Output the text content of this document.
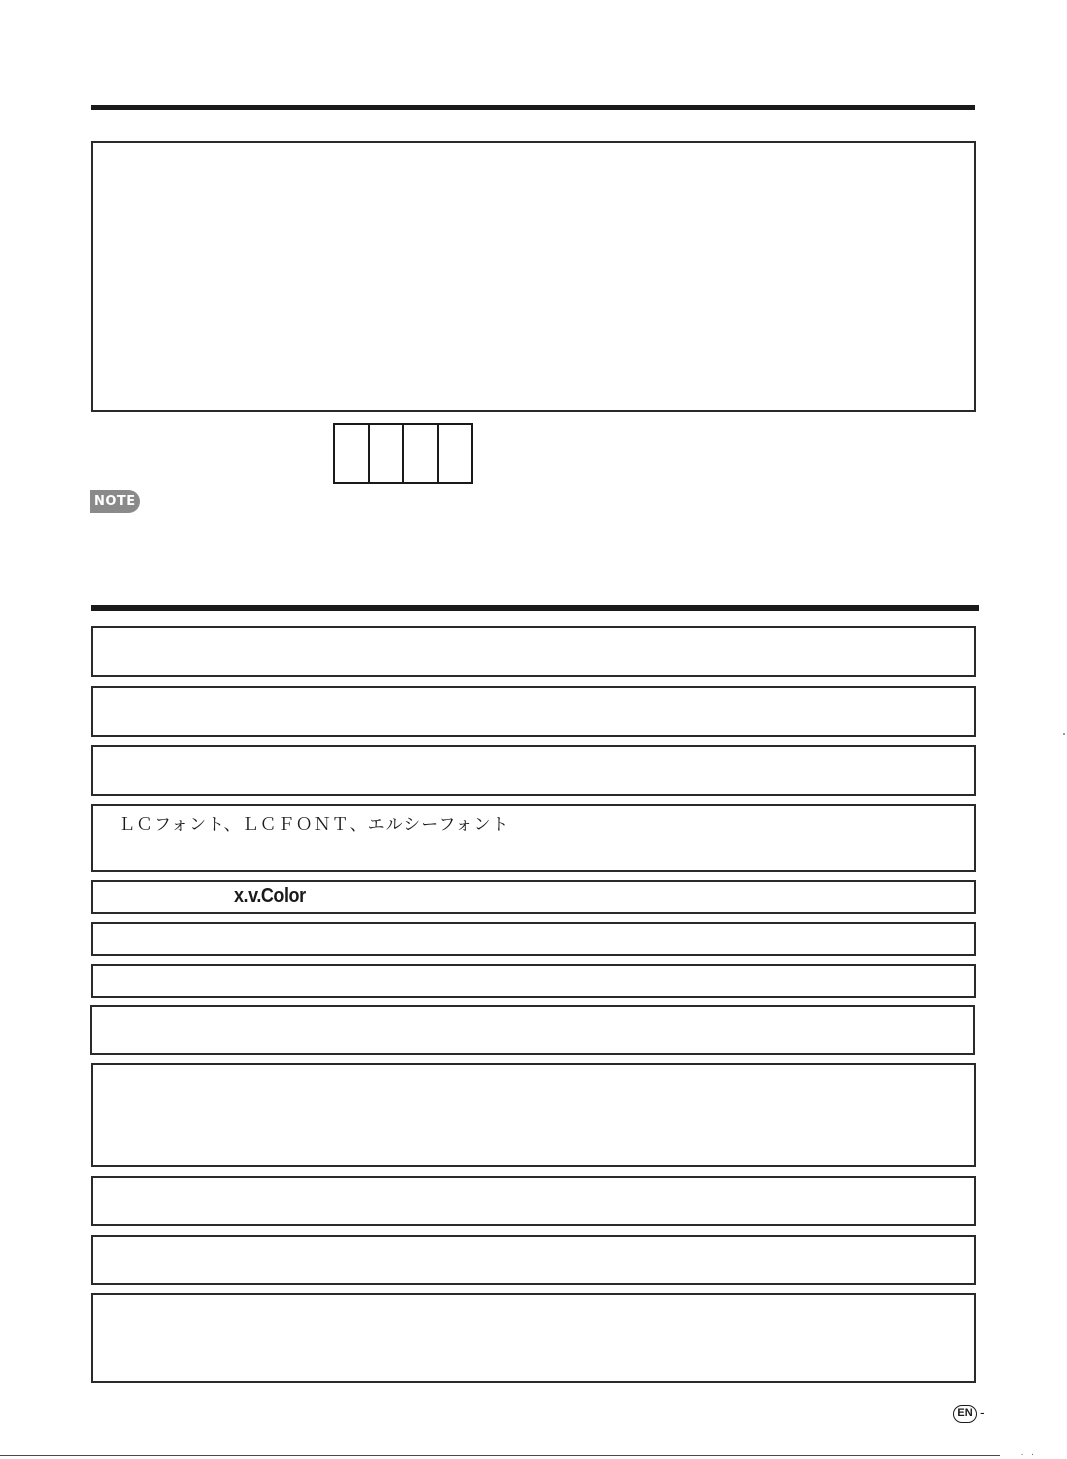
NOTE
ＬＣフォント、ＬＣＦＯＮＴ、エルシーフォント
x.v.Color
EN -
· ·
